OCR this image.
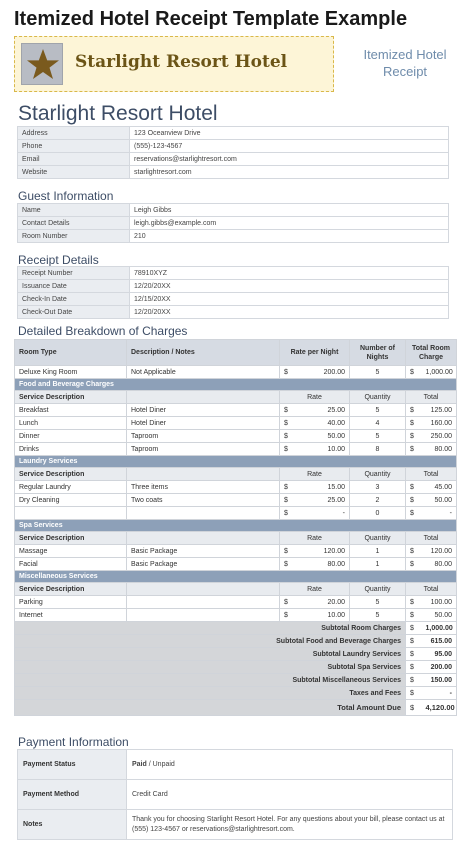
Itemized Hotel Receipt Template Example
Starlight Resort Hotel	Itemized Hotel
Receipt
Starlight Resort Hotel
Address	123 Oceanview Drive
Phone	(555)-123-4567
Email	reservations@starlightresort.com
Website	starlightresort.com
Guest Information
Name	Leigh Gibbs
Contact Details	leigh.gibbs@example.com
Room Number	210
Receipt Details
Receipt Number	78910XYZ
Issuance Date	12/20/20XX
Check-In Date	12/15/20XX
Check-Out Date	12/20/20XX
Detailed Breakdown of Charges
Room Type	Description / Notes	Rate per Night		Number of Nights	Total Room Charge	
Deluxe King Room	Not Applicable	$	200.00	5	$	1,000.00
Food and Beverage Charges						
Service Description		Rate		Quantity	Total	
Breakfast	Hotel Diner	$	25.00	5	$	125.00
Lunch	Hotel Diner	$	40.00	4	$	160.00
Dinner	Taproom	$	50.00	5	$	250.00
Drinks	Taproom	$	10.00	8	$	80.00
Laundry Services						
Service Description		Rate		Quantity	Total	
Regular Laundry	Three items	$	15.00	3	$	45.00
Dry Cleaning	Two coats	$	25.00	2	$	50.00
		$	-	0	$	-
Spa Services						
Service Description		Rate		Quantity	Total	
Massage	Basic Package	$	120.00	1	$	120.00
Facial	Basic Package	$	80.00	1	$	80.00
Miscellaneous Services						
Service Description		Rate		Quantity	Total	
Parking		$	20.00	5	$	100.00
Internet		$	10.00	5	$	50.00
Subtotal Room Charges					$	1,000.00
Subtotal Food and Beverage Charges					$	615.00
Subtotal Laundry Services					$	95.00
Subtotal Spa Services					$	200.00
Subtotal Miscellaneous Services					$	150.00
Taxes and Fees					$	-
Total Amount Due					$	4,120.00
Payment Information
Payment Status	Paid / Unpaid
Payment Method	Credit Card
Notes	Thank you for choosing Starlight Resort Hotel. For any questions about your bill, please contact us at (555) 123-4567 or reservations@starlightresort.com.
